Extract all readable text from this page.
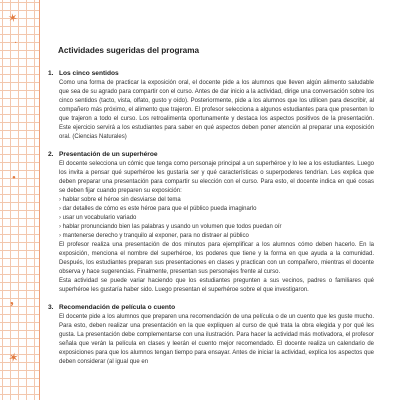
✶
·
•
,
✶
Actividades sugeridas del programa
1. Los cinco sentidos

Como una forma de practicar la exposición oral, el docente pide a los alumnos que lleven algún alimento saludable que sea de su agrado para compartir con el curso. Antes de dar inicio a la actividad, dirige una conversación sobre los cinco sentidos (tacto, vista, olfato, gusto y oído). Posteriormente, pide a los alumnos que los utilicen para describir, al compañero más próximo, el alimento que trajeron. El profesor selecciona a algunos estudiantes para que presenten lo que trajeron a todo el curso. Los retroalimenta oportunamente y destaca los aspectos positivos de la presentación. Este ejercicio servirá a los estudiantes para saber en qué aspectos deben poner atención al preparar una exposición oral. (Ciencias Naturales)

2. Presentación de un superhéroe

El docente selecciona un cómic que tenga como personaje principal a un superhéroe y lo lee a los estudiantes. Luego los invita a pensar qué superhéroe les gustaría ser y qué características o superpoderes tendrían. Les explica que deben preparar una presentación para compartir su elección con el curso. Para esto, el docente indica en qué cosas se deben fijar cuando preparen su exposición:

› hablar sobre el héroe sin desviarse del tema
› dar detalles de cómo es este héroe para que el público pueda imaginarlo
› usar un vocabulario variado
› hablar pronunciando bien las palabras y usando un volumen que todos puedan oír
› mantenerse derecho y tranquilo al exponer, para no distraer al público

El profesor realiza una presentación de dos minutos para ejemplificar a los alumnos cómo deben hacerlo. En la exposición, menciona el nombre del superhéroe, los poderes que tiene y la forma en que ayuda a la comunidad. Después, los estudiantes preparan sus presentaciones en clases y practican con un compañero, mientras el docente observa y hace sugerencias. Finalmente, presentan sus personajes frente al curso.

Esta actividad se puede variar haciendo que los estudiantes pregunten a sus vecinos, padres o familiares qué superhéroe les gustaría haber sido. Luego presentan el superhéroe sobre el que investigaron.

3. Recomendación de película o cuento

El docente pide a los alumnos que preparen una recomendación de una película o de un cuento que les guste mucho. Para esto, deben realizar una presentación en la que expliquen al curso de qué trata la obra elegida y por qué les gusta. La presentación debe complementarse con una ilustración. Para hacer la actividad más motivadora, el profesor señala que verán la película en clases y leerán el cuento mejor recomendado. El docente realiza un calendario de exposiciones para que los alumnos tengan tiempo para ensayar. Antes de iniciar la actividad, explica los aspectos que deben considerar (al igual que en
